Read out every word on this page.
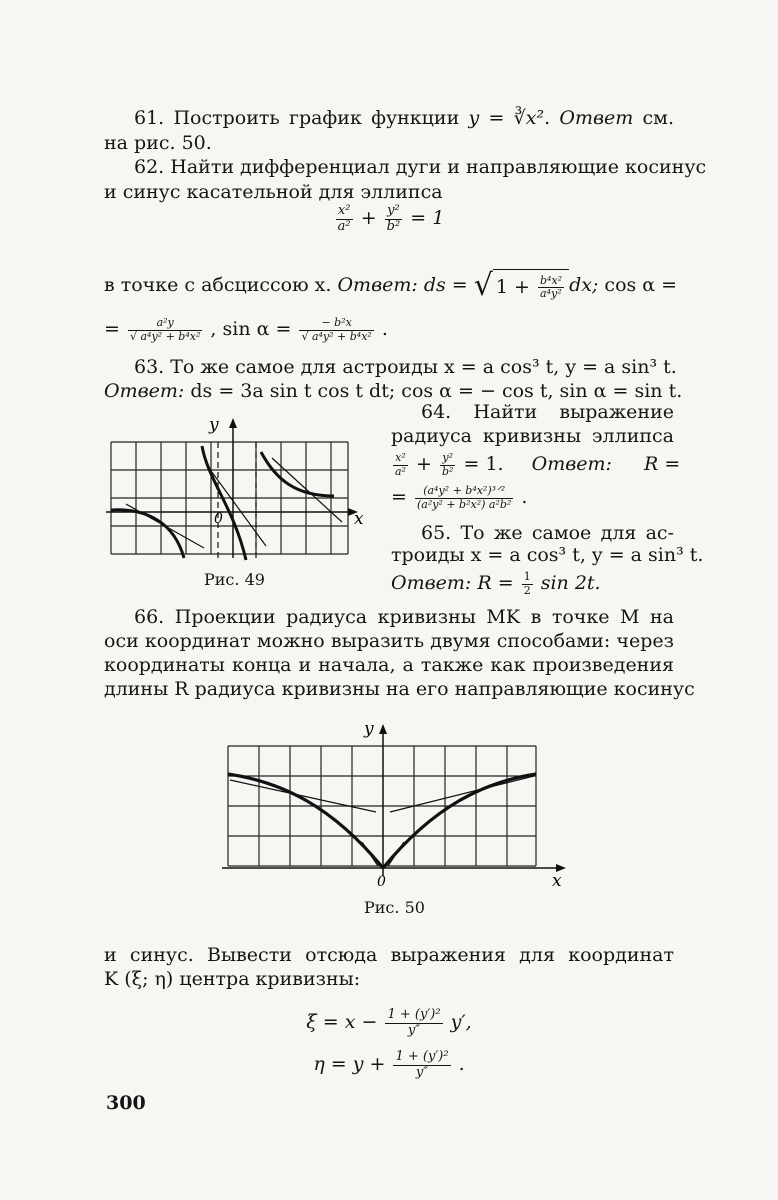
61. Построить график функции y = ∛x². Ответ см.
на рис. 50.
62. Найти дифференциал дуги и направляющие косинус
и синус касательной для эллипса
$\frac{\text{x²}}{\text{a²}} + \frac{\text{y²}}{\text{b²}} = 1$
в точке с абсциссою x. Ответ: ds = √ $1 + \frac{\text{b⁴x²}}{\text{a⁴y²}}$ dx; cos α =
= $\frac{\text{a²y}}{\text{√ a⁴y² + b⁴x²}}$ , $\sin \alpha = \frac{\text{− b²x}}{\text{√ a⁴y² + b⁴x²}}$ .
63. То же самое для астроиды x = a cos³ t, y = a sin³ t.
Ответ: ds = 3a sin t cos t dt; cos α = − cos t, sin α = sin t.
y
x
0
Рис. 49
64. Найти выражение
радиуса кривизны эллипса
$\frac{\text{x²}}{\text{a²}} + \frac{\text{y²}}{\text{b²}} = 1$. Ответ: R =
= $\frac{\text{(a⁴y² + b⁴x²)³ᐟ²}}{\text{(a²y² + b²x²) a²b²}}$ .
65. То же самое для ас-
троиды x = a cos³ t, y = a sin³ t.
Ответ: $R = \frac{1}{2}$ sin 2t.
66. Проекции радиуса кривизны MK в точке M на
оси координат можно выразить двумя способами: через
координаты конца и начала, а также как произведения
длины R радиуса кривизны на его направляющие косинус
y
x
0
Рис. 50
и синус. Вывести отсюда выражения для координат
K (ξ; η) центра кривизны:
$\xi = x - \frac{\text{1 + (y′)²}}{y''} y'$,
$\eta = y + \frac{\text{1 + (y′)²}}{y''}$ .
300
